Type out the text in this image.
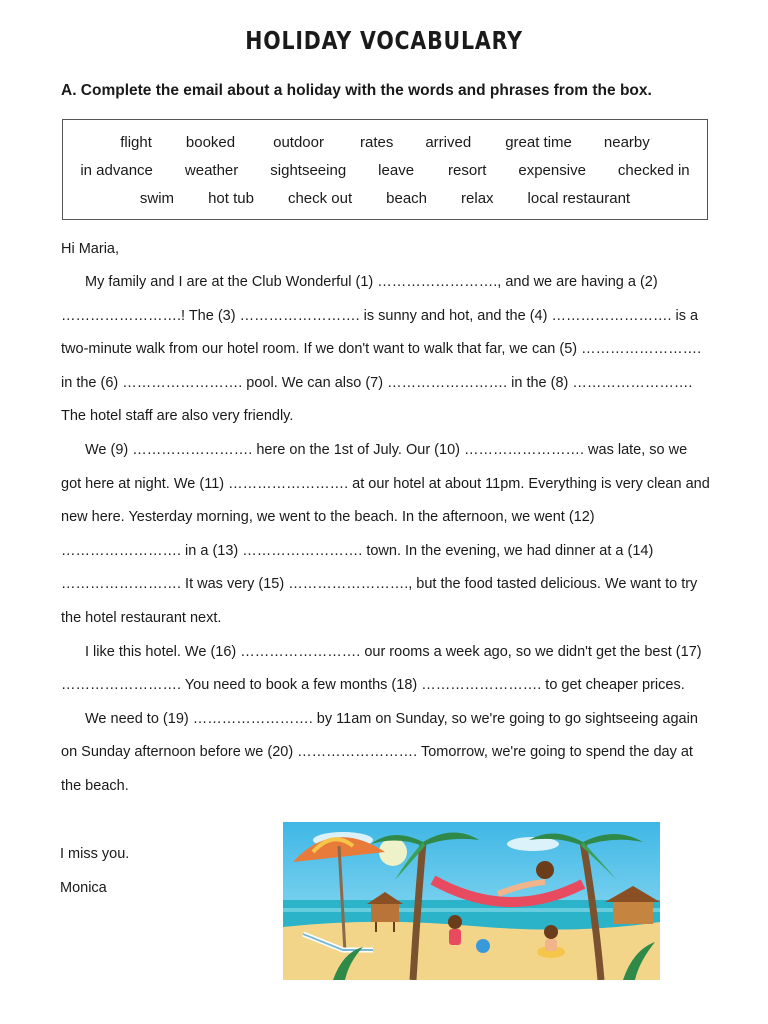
HOLIDAY VOCABULARY
A. Complete the email about a holiday with the words and phrases from the box.
flight booked	outdoor rates arrived great time nearby
in advance weather sightseeing leave resort expensive checked in
swim hot tub check out beach relax local restaurant
Hi Maria,

My family and I are at the Club Wonderful (1) ……………………., and we are having a (2) …………………….! The (3) ……………………. is sunny and hot, and the (4) ……………………. is a two-minute walk from our hotel room. If we don't want to walk that far, we can (5) ……………………. in the (6) ……………………. pool. We can also (7) ……………………. in the (8) ……………………. The hotel staff are also very friendly.

We (9) ……………………. here on the 1st of July. Our (10) ……………………. was late, so we got here at night. We (11) ……………………. at our hotel at about 11pm. Everything is very clean and new here. Yesterday morning, we went to the beach. In the afternoon, we went (12) ……………………. in a (13) ……………………. town. In the evening, we had dinner at a (14) ……………………. It was very (15) ……………………., but the food tasted delicious. We want to try the hotel restaurant next.

I like this hotel. We (16) ……………………. our rooms a week ago, so we didn't get the best (17) ……………………. You need to book a few months (18) ……………………. to get cheaper prices.

We need to (19) ……………………. by 11am on Sunday, so we're going to go sightseeing again on Sunday afternoon before we (20) ……………………. Tomorrow, we're going to spend the day at the beach.

I miss you.
Monica
